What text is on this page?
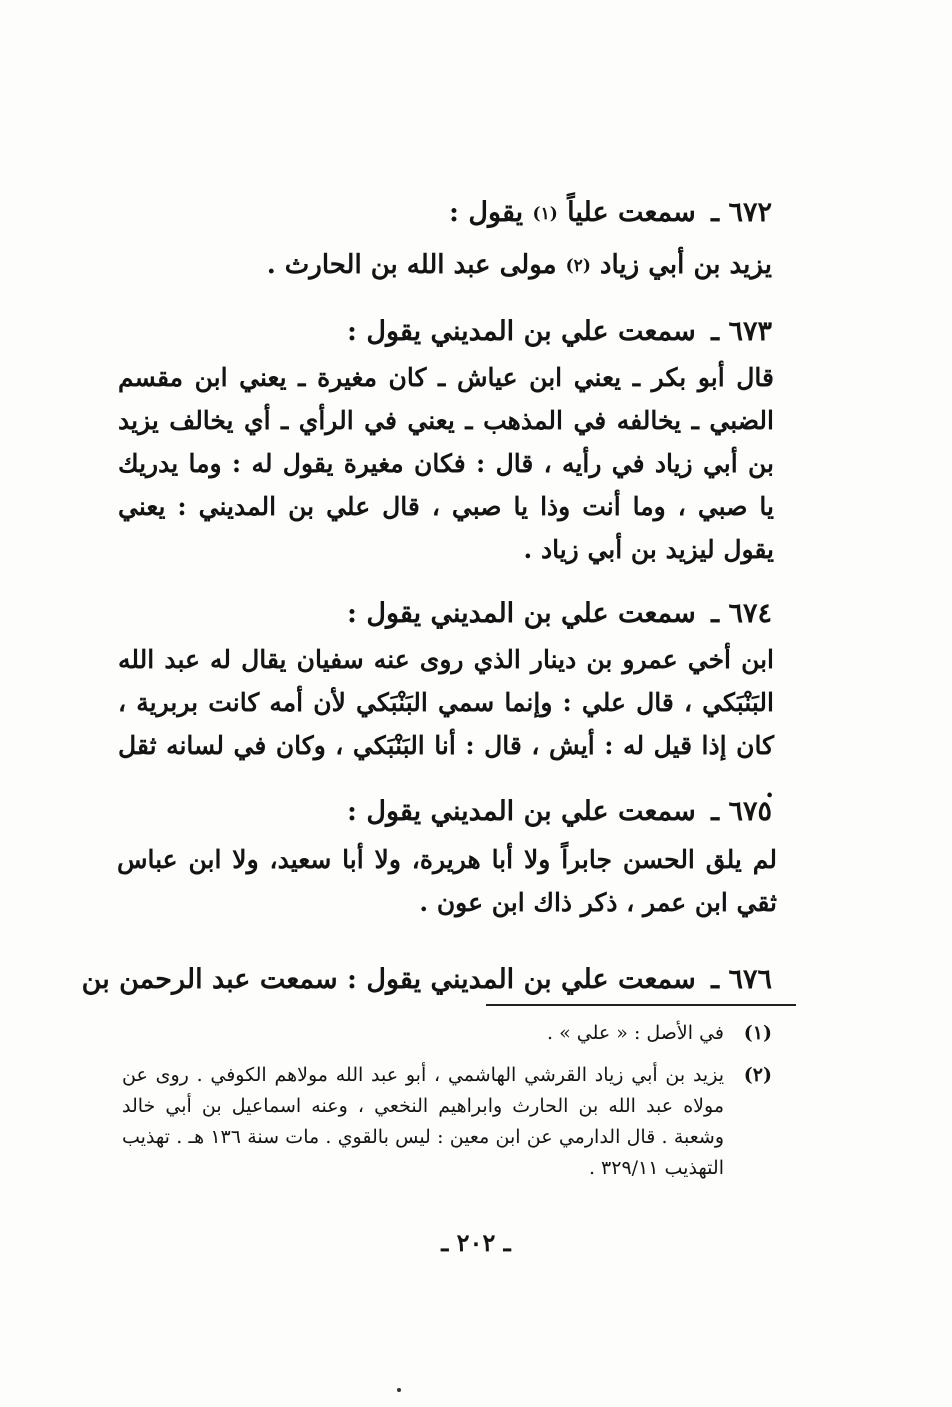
٦٧٢ ـ سمعت علياً (١) يقول :
يزيد بن أبي زياد (٢) مولى عبد الله بن الحارث .
٦٧٣ ـ سمعت علي بن المديني يقول :
قال أبو بكر ـ يعني ابن عياش ـ كان مغيرة ـ يعني ابن مقسم الضبي ـ يخالفه في المذهب ـ يعني في الرأي ـ أي يخالف يزيد بن أبي زياد في رأيه ، قال : فكان مغيرة يقول له : وما يدريك يا صبي ، وما أنت وذا يا صبي ، قال علي بن المديني : يعني يقول ليزيد بن أبي زياد .
٦٧٤ ـ سمعت علي بن المديني يقول :
ابن أخي عمرو بن دينار الذي روى عنه سفيان يقال له عبد الله البَنْبَكي ، قال علي : وإنما سمي البَنْبَكي لأن أمه كانت بربرية ، كان إذا قيل له : أيش ، قال : أنا البَنْبَكي ، وكان في لسانه ثقل .
٦٧٥ ـ سمعت علي بن المديني يقول :
لم يلق الحسن جابراً ولا أبا هريرة، ولا أبا سعيد، ولا ابن عباس ثقي ابن عمر ، ذكر ذاك ابن عون .
٦٧٦ ـ سمعت علي بن المديني يقول : سمعت عبد الرحمن بن
(١)
في الأصل : « علي » .
(٢)
يزيد بن أبي زياد القرشي الهاشمي ، أبو عبد الله مولاهم الكوفي . روى عن مولاه عبد الله بن الحارث وابراهيم النخعي ، وعنه اسماعيل بن أبي خالد وشعبة . قال الدارمي عن ابن معين : ليس بالقوي . مات سنة ١٣٦ هـ . تهذيب التهذيب ٣٢٩/١١ .
ـ ٢٠٢ ـ
